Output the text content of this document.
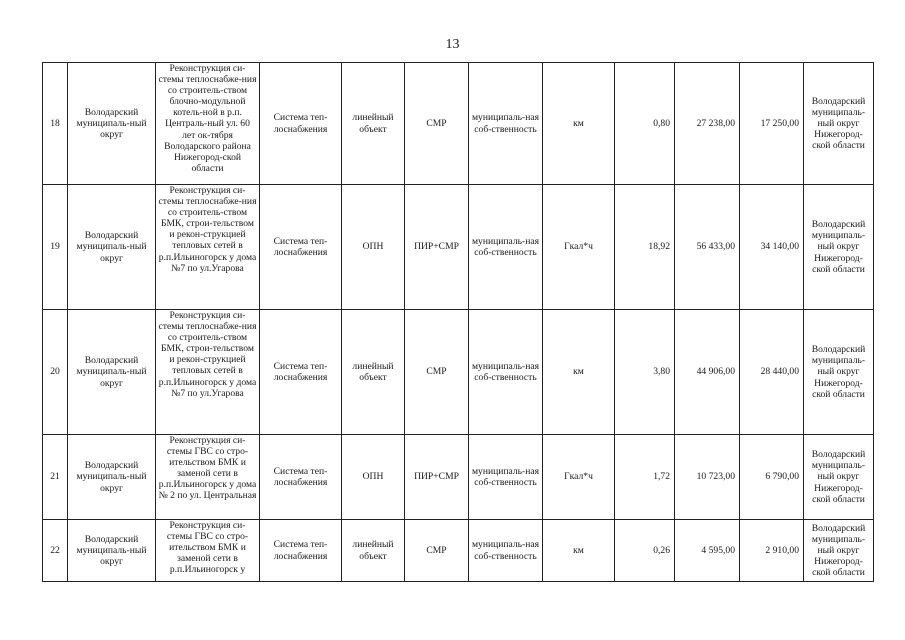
13
18	Володарский муниципаль-ный округ	Реконструкция си-стемы теплоснабже-ния со строитель-ством блочно-модульной котель-ной в р.п. Централь-ный ул. 60 лет ок-тября Володарского района Нижегород-ской области	Система теп-лоснабжения	линейный объект	СМР	муниципаль-ная соб-ственность	км	0,80	27 238,00	17 250,00	Володарский муниципаль-ный округ Нижегород-ской области
19	Володарский муниципаль-ный округ	Реконструкция си-стемы теплоснабже-ния со строитель-ством БМК, строи-тельством и рекон-струкцией тепловых сетей в р.п.Ильиногорск у дома №7 по ул.Угарова	Система теп-лоснабжения	ОПН	ПИР+СМР	муниципаль-ная соб-ственность	Гкал*ч	18,92	56 433,00	34 140,00	Володарский муниципаль-ный округ Нижегород-ской области
20	Володарский муниципаль-ный округ	Реконструкция си-стемы теплоснабже-ния со строитель-ством БМК, строи-тельством и рекон-струкцией тепловых сетей в р.п.Ильиногорск у дома №7 по ул.Угарова	Система теп-лоснабжения	линейный объект	СМР	муниципаль-ная соб-ственность	км	3,80	44 906,00	28 440,00	Володарский муниципаль-ный округ Нижегород-ской области
21	Володарский муниципаль-ный округ	Реконструкция си-стемы ГВС со стро-ительством БМК и заменой сети в р.п.Ильиногорск у дома № 2 по ул. Центральная	Система теп-лоснабжения	ОПН	ПИР+СМР	муниципаль-ная соб-ственность	Гкал*ч	1,72	10 723,00	6 790,00	Володарский муниципаль-ный округ Нижегород-ской области
22	Володарский муниципаль-ный округ	Реконструкция си-стемы ГВС со стро-ительством БМК и заменой сети в р.п.Ильиногорск у	Система теп-лоснабжения	линейный объект	СМР	муниципаль-ная соб-ственность	км	0,26	4 595,00	2 910,00	Володарский муниципаль-ный округ Нижегород-ской области
